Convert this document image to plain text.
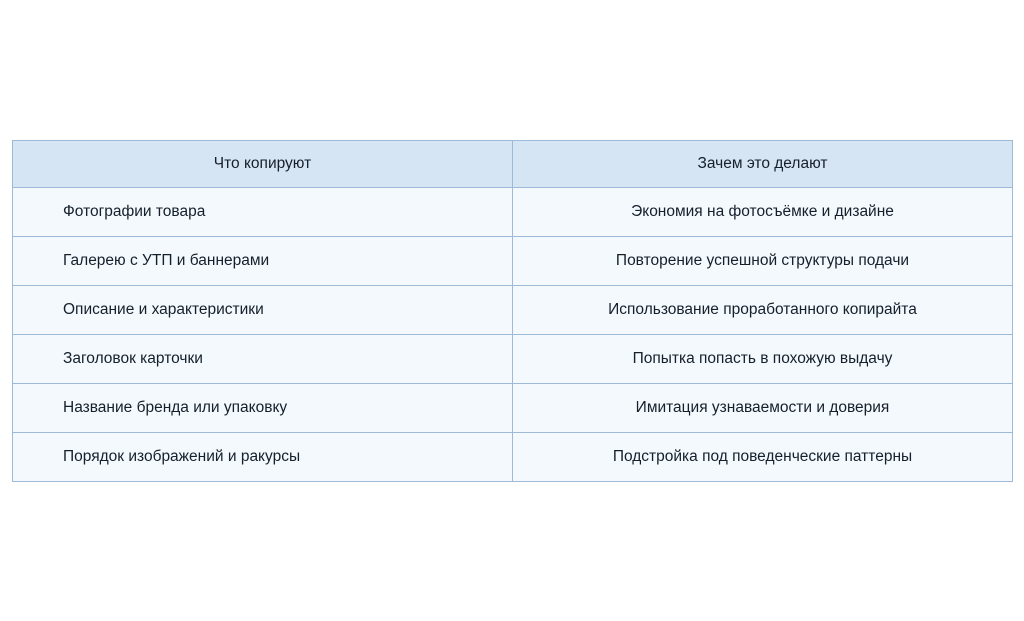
Что копируют	Зачем это делают
Фотографии товара	Экономия на фотосъёмке и дизайне
Галерею с УТП и баннерами	Повторение успешной структуры подачи
Описание и характеристики	Использование проработанного копирайта
Заголовок карточки	Попытка попасть в похожую выдачу
Название бренда или упаковку	Имитация узнаваемости и доверия
Порядок изображений и ракурсы	Подстройка под поведенческие паттерны
